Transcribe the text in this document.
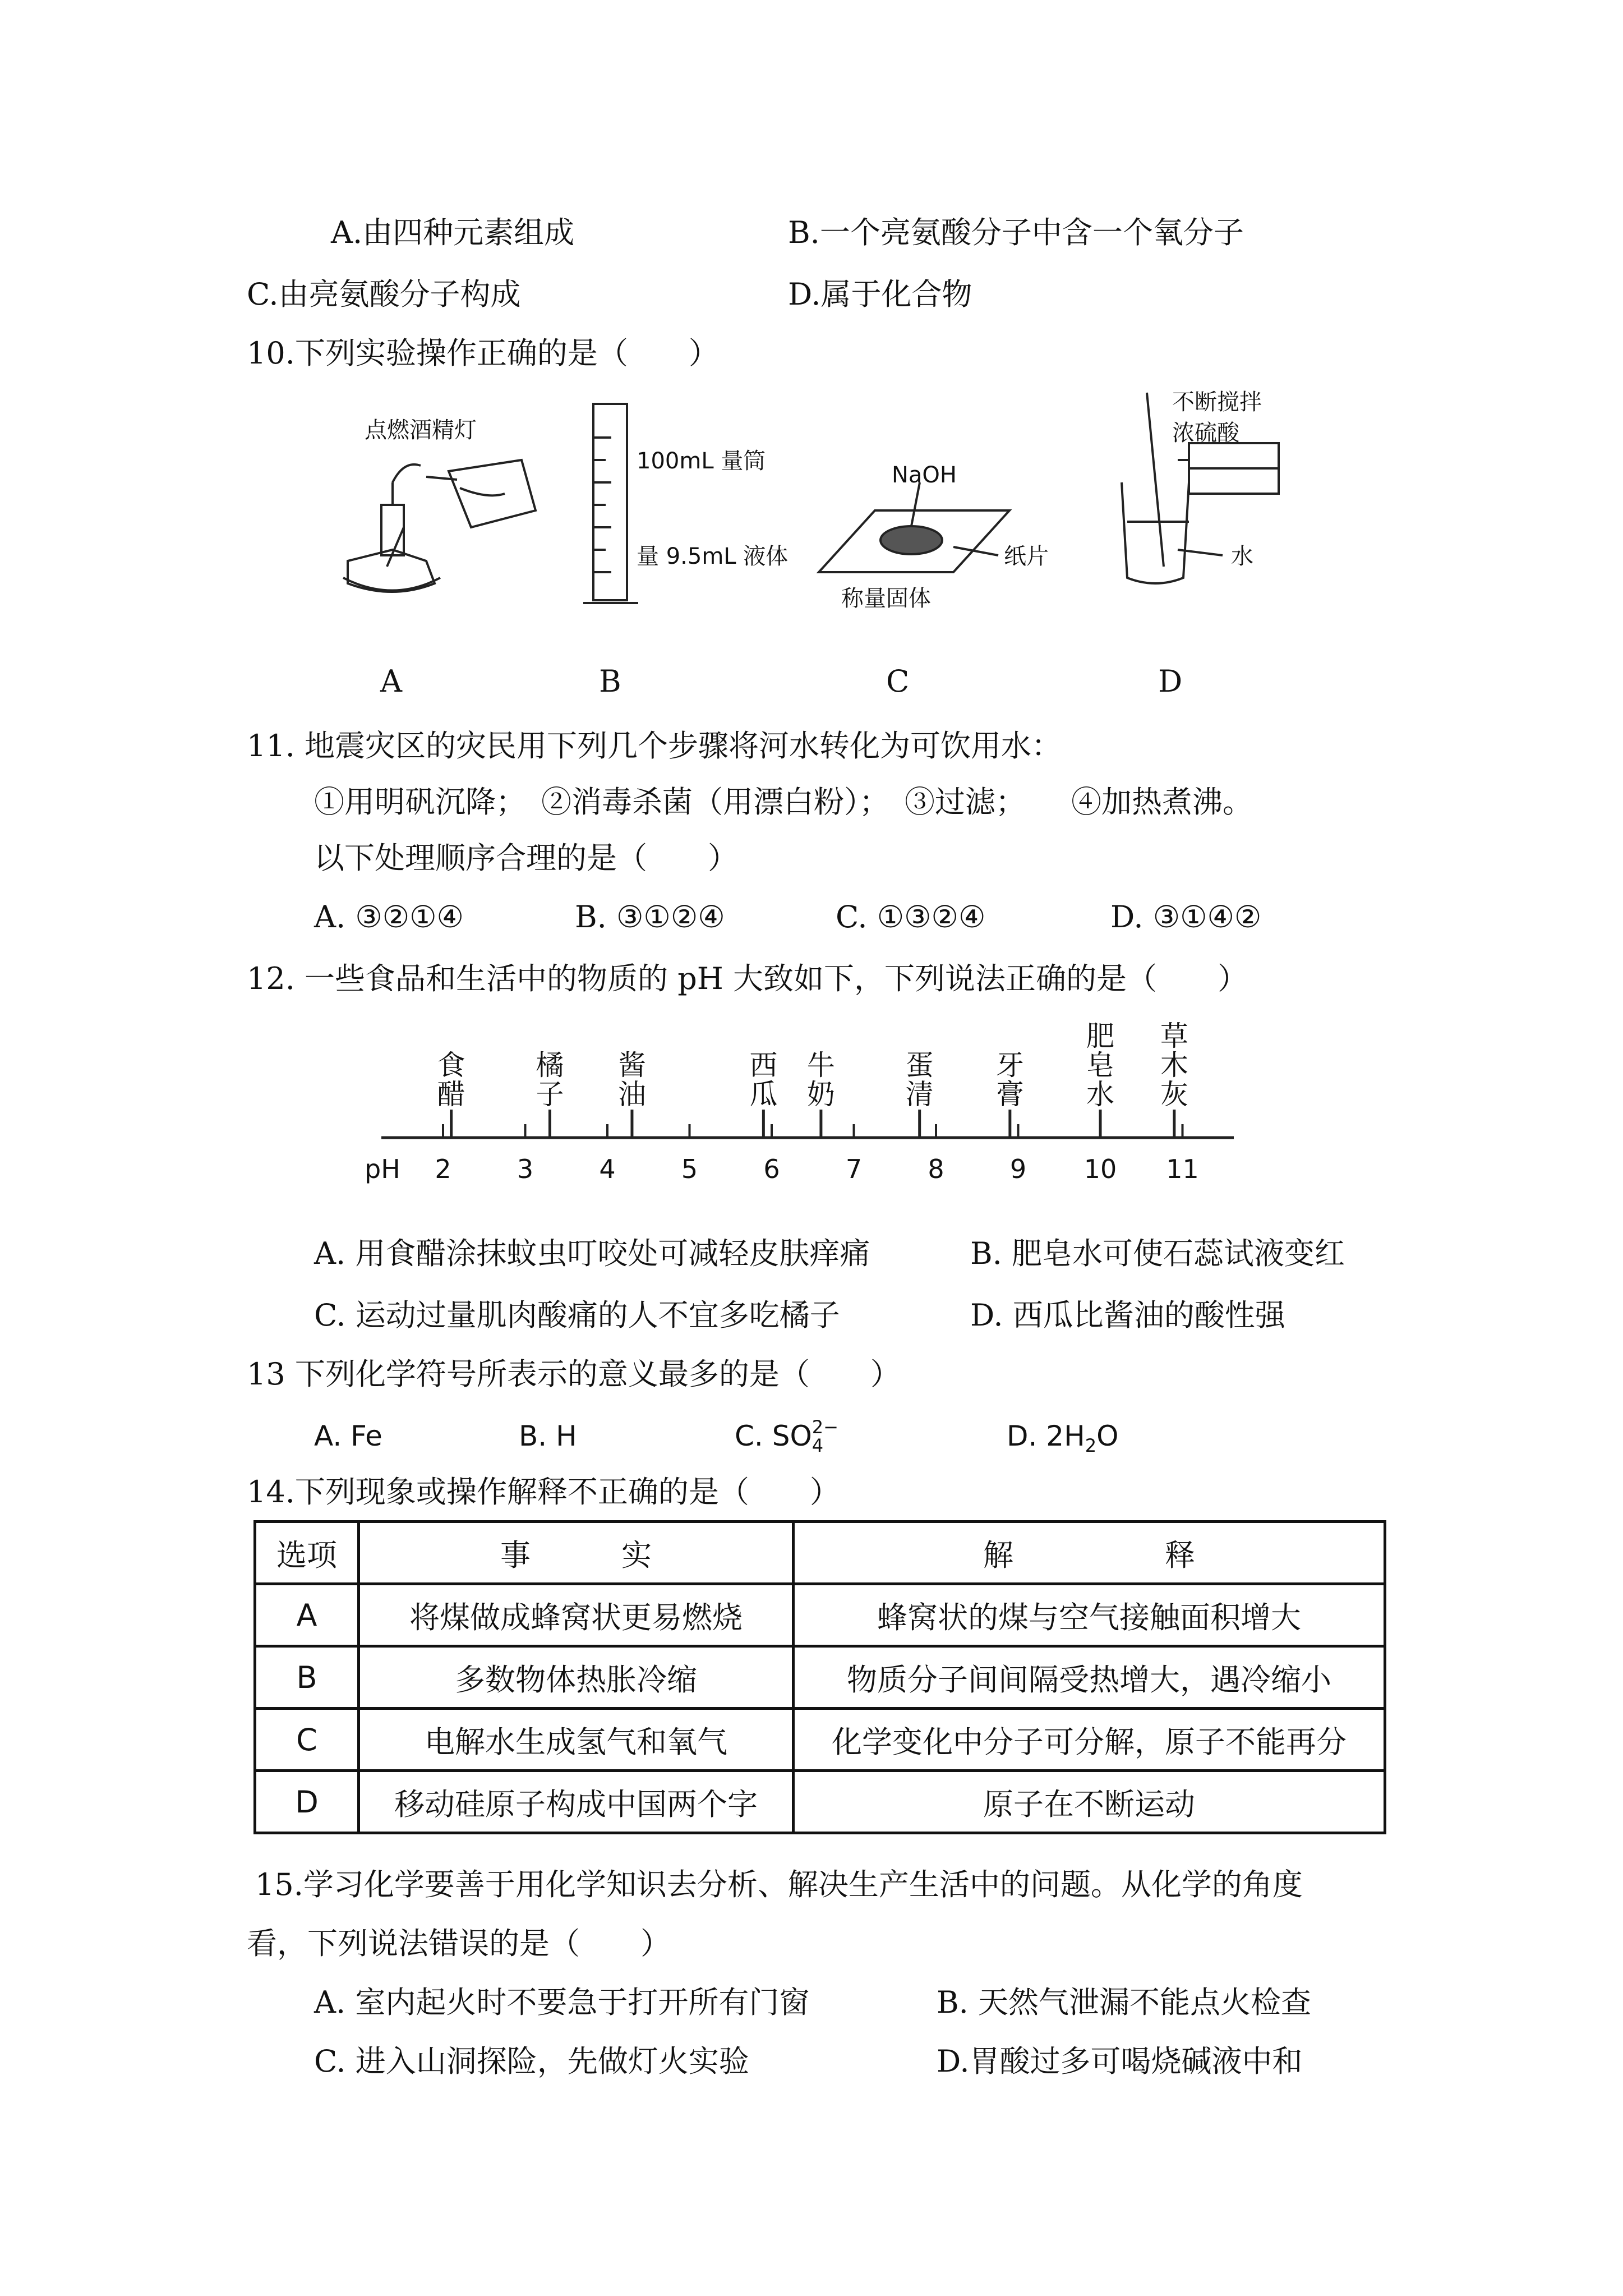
A.由四种元素组成	B.一个亮氨酸分子中含一个氧分子
C.由亮氨酸分子构成	D.属于化合物
10.下列实验操作正确的是（　　）
点燃酒精灯
100mL 量筒
量 9.5mL 液体
NaOH
纸片
称量固体
不断搅拌
浓硫酸
水
A	B	C	D
11. 地震灾区的灾民用下列几个步骤将河水转化为可饮用水：
①用明矾沉降；　②消毒杀菌（用漂白粉）；　③过滤；　　④加热煮沸。
以下处理顺序合理的是（　　）
A. ③②①④	B. ③①②④	C. ①③②④	D. ③①④②
12. 一些食品和生活中的物质的 pH 大致如下，下列说法正确的是（　　）
pH 2	3	4	5	6	7	8	9 10 11
食
醋
橘
子
酱
油
西
瓜
牛
奶
蛋
清
牙
膏
肥
皂
水
草
木
灰
A. 用食醋涂抹蚊虫叮咬处可减轻皮肤痒痛	B. 肥皂水可使石蕊试液变红
C. 运动过量肌肉酸痛的人不宜多吃橘子	D. 西瓜比酱油的酸性强
13 下列化学符号所表示的意义最多的是（　　）
A. Fe	B. H	C. $SO_4$
2−	D. $2H_2O$
14.下列现象或操作解释不正确的是（　　）
选项	事　　　实	解　　　　　释
A	将煤做成蜂窝状更易燃烧	蜂窝状的煤与空气接触面积增大
B	多数物体热胀冷缩	物质分子间间隔受热增大，遇冷缩小
C	电解水生成氢气和氧气	化学变化中分子可分解，原子不能再分
D	移动硅原子构成中国两个字	原子在不断运动
15.学习化学要善于用化学知识去分析、解决生产生活中的问题。从化学的角度
看，下列说法错误的是（　　）
A. 室内起火时不要急于打开所有门窗	B. 天然气泄漏不能点火检查
C. 进入山洞探险，先做灯火实验	D.胃酸过多可喝烧碱液中和
